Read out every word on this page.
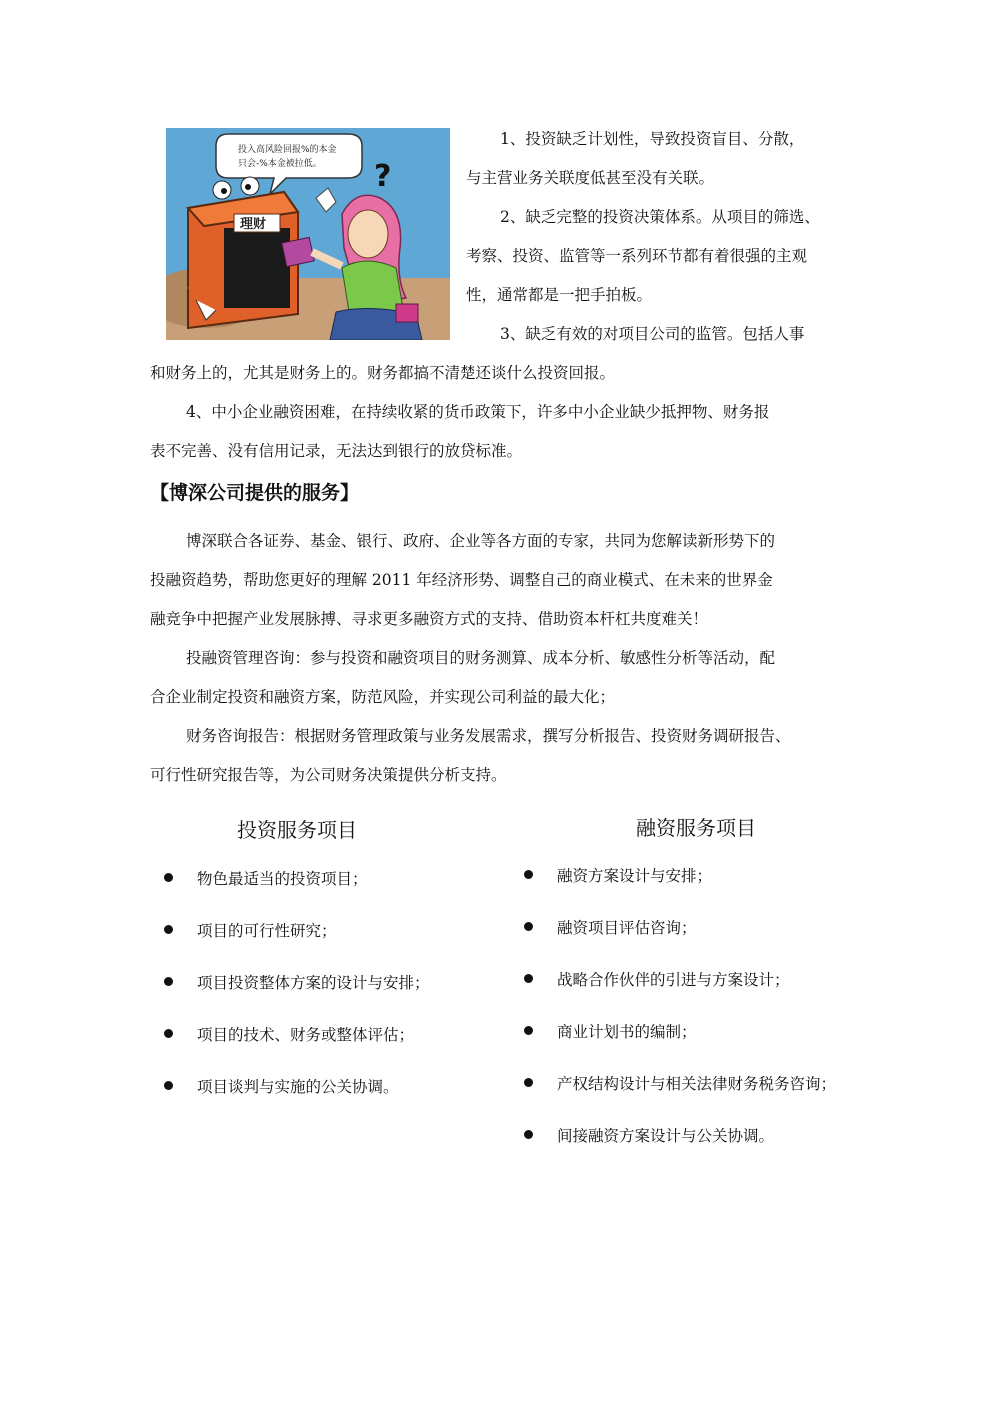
投入高风险回报%的本金
只会-%本金被拉低。 ?
理财

1、投资缺乏计划性，导致投资盲目、分散，

与主营业务关联度低甚至没有关联。

2、缺乏完整的投资决策体系。从项目的筛选、

考察、投资、监管等一系列环节都有着很强的主观

性，通常都是一把手拍板。

3、缺乏有效的对项目公司的监管。包括人事

和财务上的，尤其是财务上的。财务都搞不清楚还谈什么投资回报。

4、中小企业融资困难，在持续收紧的货币政策下，许多中小企业缺少抵押物、财务报

表不完善、没有信用记录，无法达到银行的放贷标准。

【博深公司提供的服务】

博深联合各证券、基金、银行、政府、企业等各方面的专家，共同为您解读新形势下的

投融资趋势，帮助您更好的理解 2011 年经济形势、调整自己的商业模式、在未来的世界金

融竞争中把握产业发展脉搏、寻求更多融资方式的支持、借助资本杆杠共度难关！

投融资管理咨询：参与投资和融资项目的财务测算、成本分析、敏感性分析等活动，配

合企业制定投资和融资方案，防范风险，并实现公司利益的最大化；

财务咨询报告：根据财务管理政策与业务发展需求，撰写分析报告、投资财务调研报告、

可行性研究报告等，为公司财务决策提供分析支持。

投资服务项目
物色最适当的投资项目；
项目的可行性研究；
项目投资整体方案的设计与安排；
项目的技术、财务或整体评估；
项目谈判与实施的公关协调。
融资服务项目
融资方案设计与安排；
融资项目评估咨询；
战略合作伙伴的引进与方案设计；
商业计划书的编制；
产权结构设计与相关法律财务税务咨询；
间接融资方案设计与公关协调。
